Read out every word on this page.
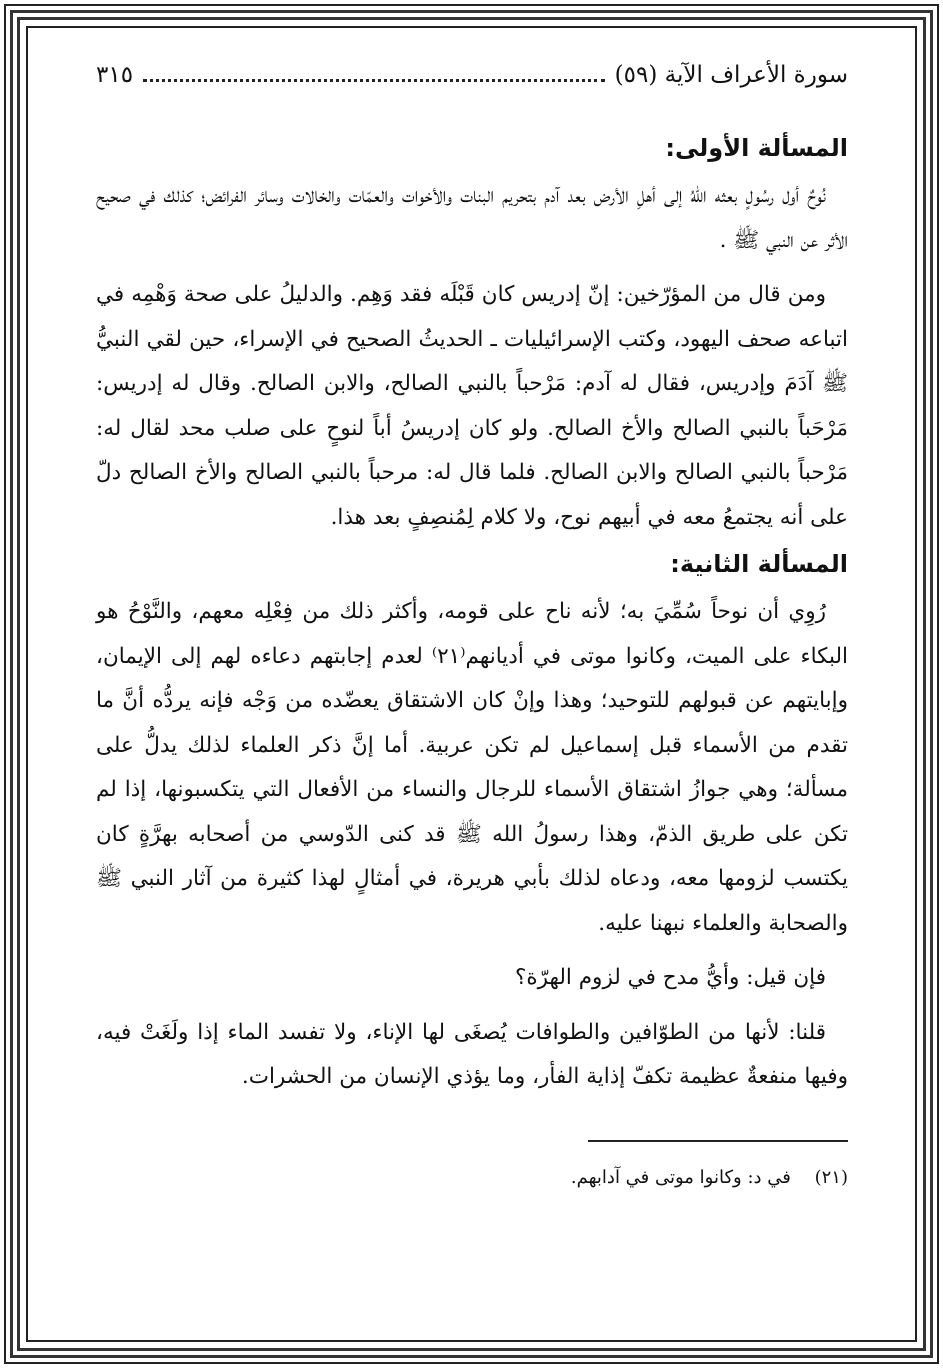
سورة الأعراف الآية (٥٩)
٣١٥
المسألة الأولى:

نُوحٌ أول رسُولٍ بعثه اللهُ إلى أهلِ الأرض بعد آدم بتحريم البنات والأخوات والعمّات والخالات وسائر الفرائض؛ كذلك في صحيح الأثر عن النبي ﷺ .

ومن قال من المؤرّخين: إنّ إدريس كان قَبْلَه فقد وَهِم. والدليلُ على صحة وَهْمِه في اتباعه صحف اليهود، وكتب الإسرائيليات ـ الحديثُ الصحيح في الإسراء، حين لقي النبيُّ ﷺ آدَمَ وإدريس، فقال له آدم: مَرْحباً بالنبي الصالح، والابن الصالح. وقال له إدريس: مَرْحَباً بالنبي الصالح والأخ الصالح. ولو كان إدريسُ أباً لنوحٍ على صلب محد لقال له: مَرْحباً بالنبي الصالح والابن الصالح. فلما قال له: مرحباً بالنبي الصالح والأخ الصالح دلّ على أنه يجتمعُ معه في أبيهم نوح، ولا كلام لِمُنصِفٍ بعد هذا.

المسألة الثانية:

رُوِي أن نوحاً سُمِّيَ به؛ لأنه ناح على قومه، وأكثر ذلك من فِعْلِه معهم، والنَّوْحُ هو البكاء على الميت، وكانوا موتى في أديانهم⁽٢١⁾ لعدم إجابتهم دعاءه لهم إلى الإيمان، وإبايتهم عن قبولهم للتوحيد؛ وهذا وإنْ كان الاشتقاق يعضّده من وَجْه فإنه يردُّه أنَّ ما تقدم من الأسماء قبل إسماعيل لم تكن عربية. أما إنَّ ذكر العلماء لذلك يدلُّ على مسألة؛ وهي جوازُ اشتقاق الأسماء للرجال والنساء من الأفعال التي يتكسبونها، إذا لم تكن على طريق الذمّ، وهذا رسولُ الله ﷺ قد كنى الدّوسي من أصحابه بهرَّةٍ كان يكتسب لزومها معه، ودعاه لذلك بأبي هريرة، في أمثالٍ لهذا كثيرة من آثار النبي ﷺ والصحابة والعلماء نبهنا عليه.

فإن قيل: وأيُّ مدح في لزوم الهرّة؟

قلنا: لأنها من الطوّافين والطوافات يُصغَى لها الإناء، ولا تفسد الماء إذا ولَغَتْ فيه، وفيها منفعةٌ عظيمة تكفّ إذاية الفأر، وما يؤذي الإنسان من الحشرات.

(٢١) في د: وكانوا موتى في آدابهم.
